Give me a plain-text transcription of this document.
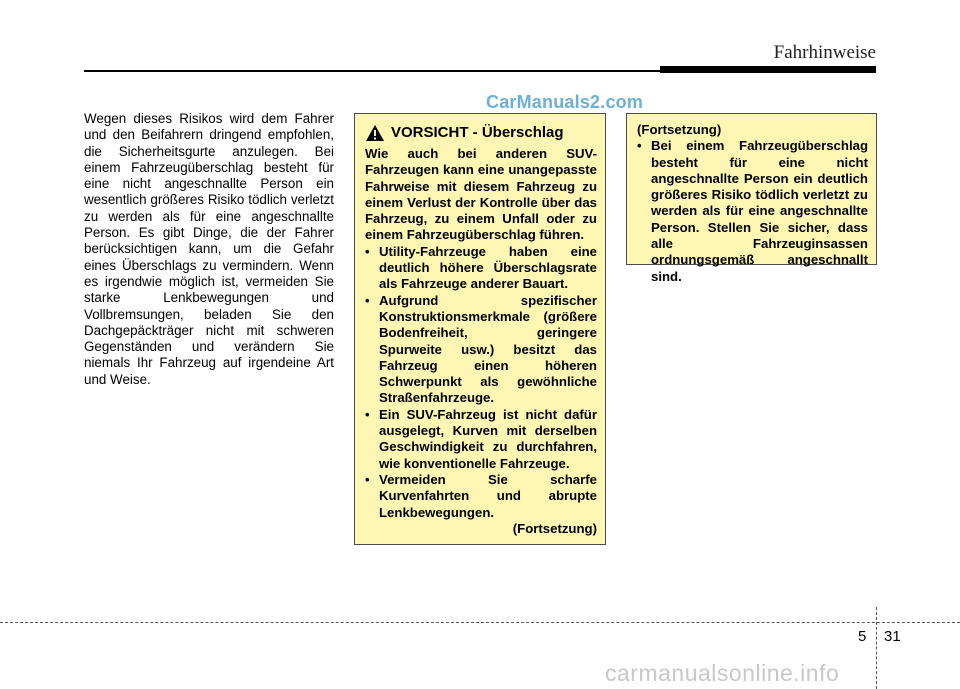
Fahrhinweise
CarManuals2.com
Wegen dieses Risikos wird dem Fahrer und den Beifahrern dringend empfohlen, die Sicherheitsgurte anzulegen. Bei einem Fahrzeugüberschlag besteht für eine nicht angeschnallte Person ein wesentlich größeres Risiko tödlich verletzt zu werden als für eine angeschnallte Person. Es gibt Dinge, die der Fahrer berücksichtigen kann, um die Gefahr eines Überschlags zu vermindern. Wenn es irgendwie möglich ist, vermeiden Sie starke Lenkbewegungen und Vollbremsungen, beladen Sie den Dachgepäckträger nicht mit schweren Gegenständen und verändern Sie niemals Ihr Fahrzeug auf irgendeine Art und Weise.
VORSICHT - Überschlag

Wie auch bei anderen SUV-Fahrzeugen kann eine unangepasste Fahrweise mit diesem Fahrzeug zu einem Verlust der Kontrolle über das Fahrzeug, zu einem Unfall oder zu einem Fahrzeugüberschlag führen.

• Utility-Fahrzeuge haben eine deutlich höhere Überschlagsrate als Fahrzeuge anderer Bauart.
• Aufgrund spezifischer Konstruktionsmerkmale (größere Bodenfreiheit, geringere Spurweite usw.) besitzt das Fahrzeug einen höheren Schwerpunkt als gewöhnliche Straßenfahrzeuge.
• Ein SUV-Fahrzeug ist nicht dafür ausgelegt, Kurven mit derselben Geschwindigkeit zu durchfahren, wie konventionelle Fahrzeuge.
• Vermeiden Sie scharfe Kurvenfahrten und abrupte Lenkbewegungen.
(Fortsetzung)
(Fortsetzung)
• Bei einem Fahrzeugüberschlag besteht für eine nicht angeschnallte Person ein deutlich größeres Risiko tödlich verletzt zu werden als für eine angeschnallte Person. Stellen Sie sicher, dass alle Fahrzeuginsassen ordnungsgemäß angeschnallt sind.
5 31
carmanualsonline.info
